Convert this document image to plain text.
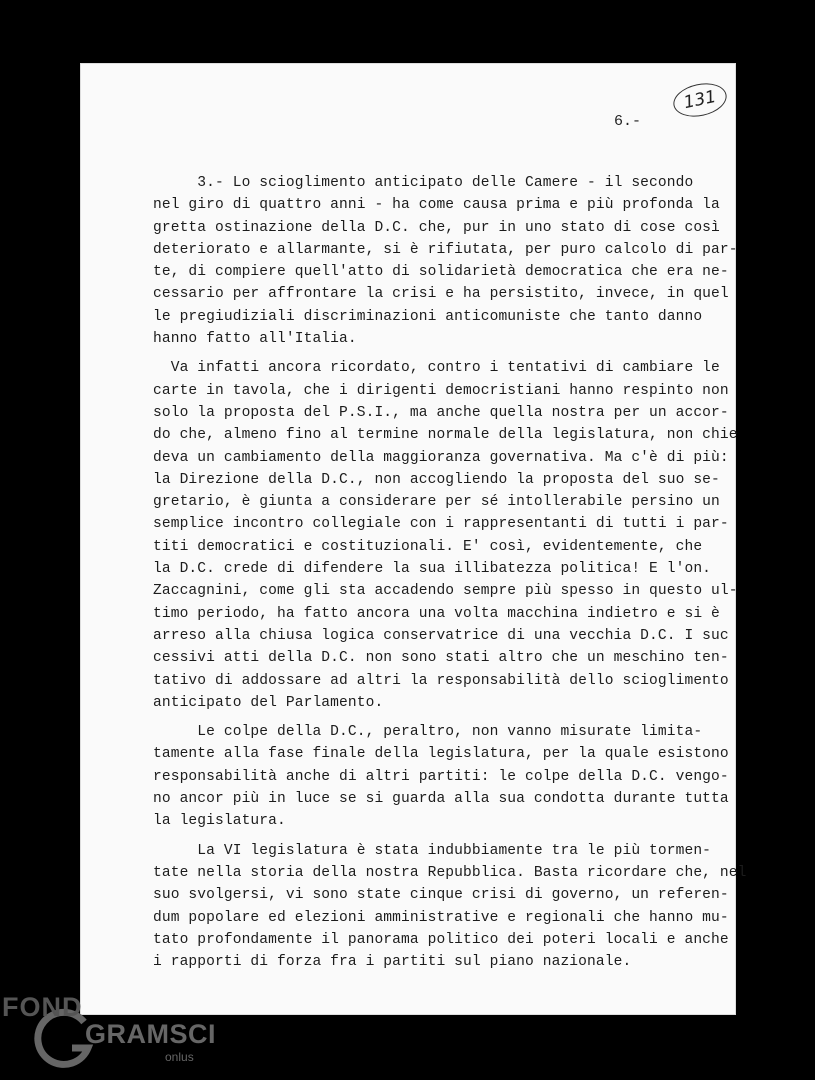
131
6.-
3.- Lo scioglimento anticipato delle Camere - il secondo
nel giro di quattro anni - ha come causa prima e più profonda la
gretta ostinazione della D.C. che, pur in uno stato di cose così
deteriorato e allarmante, si è rifiutata, per puro calcolo di par-
te, di compiere quell'atto di solidarietà democratica che era ne-
cessario per affrontare la crisi e ha persistito, invece, in quel
le pregiudiziali discriminazioni anticomuniste che tanto danno
hanno fatto all'Italia.
Va infatti ancora ricordato, contro i tentativi di cambiare le
carte in tavola, che i dirigenti democristiani hanno respinto non
solo la proposta del P.S.I., ma anche quella nostra per un accor-
do che, almeno fino al termine normale della legislatura, non chie
deva un cambiamento della maggioranza governativa. Ma c'è di più:
la Direzione della D.C., non accogliendo la proposta del suo se-
gretario, è giunta a considerare per sé intollerabile persino un
semplice incontro collegiale con i rappresentanti di tutti i par-
titi democratici e costituzionali. E' così, evidentemente, che
la D.C. crede di difendere la sua illibatezza politica! E l'on.
Zaccagnini, come gli sta accadendo sempre più spesso in questo ul-
timo periodo, ha fatto ancora una volta macchina indietro e si è
arreso alla chiusa logica conservatrice di una vecchia D.C. I suc
cessivi atti della D.C. non sono stati altro che un meschino ten-
tativo di addossare ad altri la responsabilità dello scioglimento
anticipato del Parlamento.
Le colpe della D.C., peraltro, non vanno misurate limita-
tamente alla fase finale della legislatura, per la quale esistono
responsabilità anche di altri partiti: le colpe della D.C. vengo-
no ancor più in luce se si guarda alla sua condotta durante tutta
la legislatura.
La VI legislatura è stata indubbiamente tra le più tormen-
tate nella storia della nostra Repubblica. Basta ricordare che, nel
suo svolgersi, vi sono state cinque crisi di governo, un referen-
dum popolare ed elezioni amministrative e regionali che hanno mu-
tato profondamente il panorama politico dei poteri locali e anche
i rapporti di forza fra i partiti sul piano nazionale.
FOND
GRAMSCI
onlus
